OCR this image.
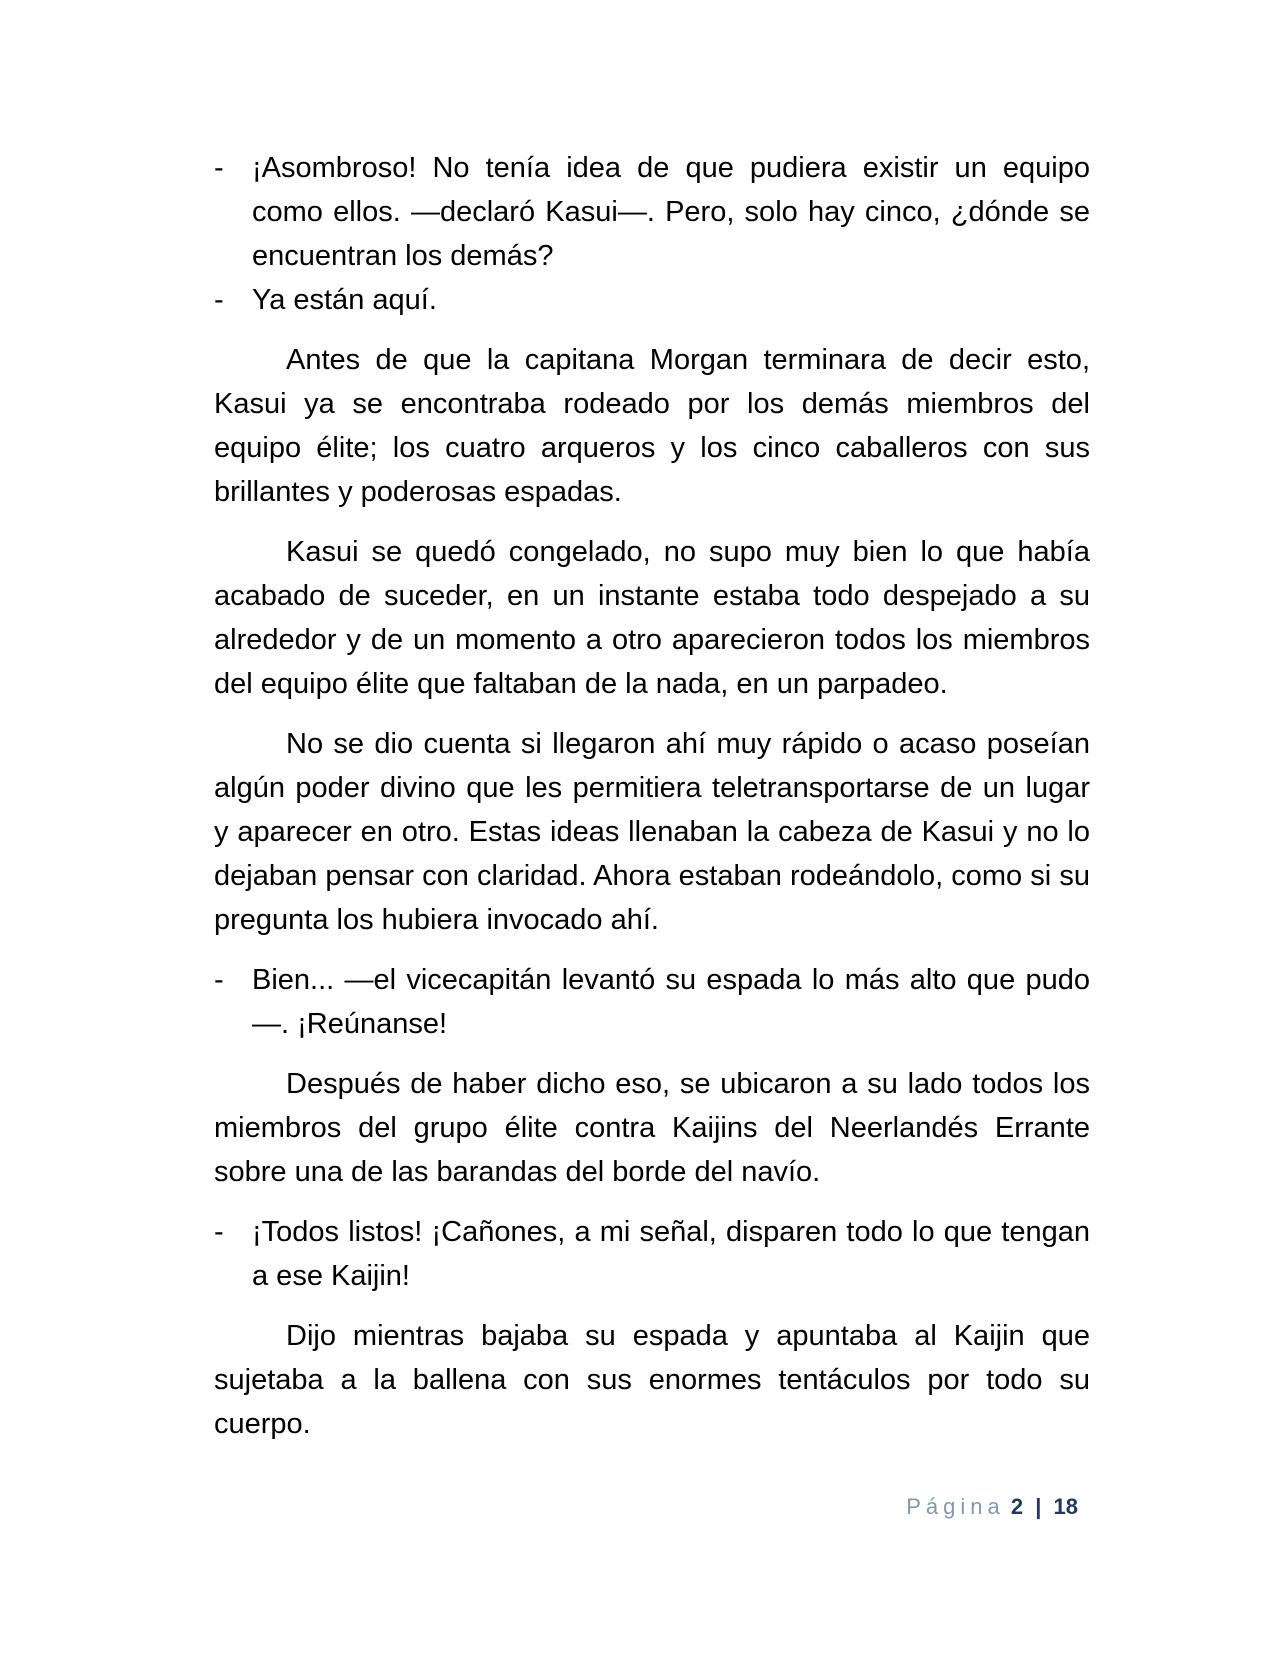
- ¡Asombroso! No tenía idea de que pudiera existir un equipo como ellos. —declaró Kasui—. Pero, solo hay cinco, ¿dónde se encuentran los demás?
- Ya están aquí.

Antes de que la capitana Morgan terminara de decir esto, Kasui ya se encontraba rodeado por los demás miembros del equipo élite; los cuatro arqueros y los cinco caballeros con sus brillantes y poderosas espadas.

Kasui se quedó congelado, no supo muy bien lo que había acabado de suceder, en un instante estaba todo despejado a su alrededor y de un momento a otro aparecieron todos los miembros del equipo élite que faltaban de la nada, en un parpadeo.

No se dio cuenta si llegaron ahí muy rápido o acaso poseían algún poder divino que les permitiera teletransportarse de un lugar y aparecer en otro. Estas ideas llenaban la cabeza de Kasui y no lo dejaban pensar con claridad. Ahora estaban rodeándolo, como si su pregunta los hubiera invocado ahí.

- Bien... —el vicecapitán levantó su espada lo más alto que pudo—. ¡Reúnanse!

Después de haber dicho eso, se ubicaron a su lado todos los miembros del grupo élite contra Kaijins del Neerlandés Errante sobre una de las barandas del borde del navío.

- ¡Todos listos! ¡Cañones, a mi señal, disparen todo lo que tengan a ese Kaijin!

Dijo mientras bajaba su espada y apuntaba al Kaijin que sujetaba a la ballena con sus enormes tentáculos por todo su cuerpo.

Página 2 | 18
